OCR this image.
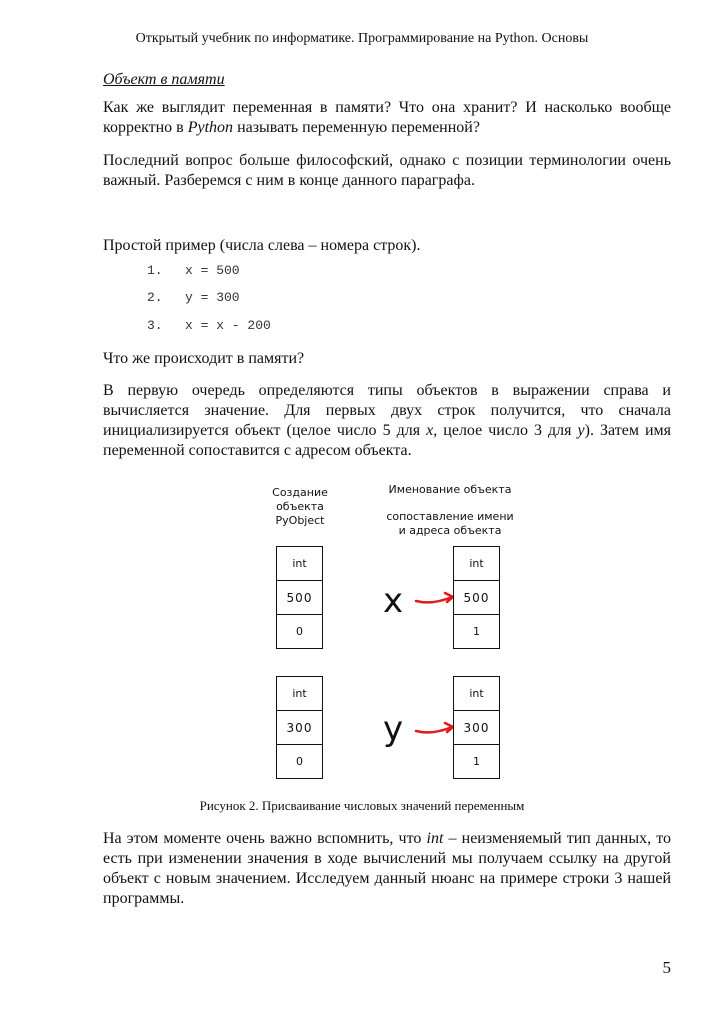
Открытый учебник по информатике. Программирование на Python. Основы
Объект в памяти
Как же выглядит переменная в памяти? Что она хранит? И насколько вообще корректно в Python называть переменную переменной?
Последний вопрос больше философский, однако с позиции терминологии очень важный. Разберемся с ним в конце данного параграфа.
Простой пример (числа слева – номера строк).
1. x = 500
2. y = 300
3. x = x - 200
Что же происходит в памяти?
В первую очередь определяются типы объектов в выражении справа и вычисляется значение. Для первых двух строк получится, что сначала инициализируется объект (целое число 5 для x, целое число 3 для y). Затем имя переменной сопоставится с адресом объекта.
Создание
объекта
PyObject
Именование объекта
сопоставление имени
и адреса объекта
int
500
0
x
int
500
1
int
300
0
y
int
300
1
Рисунок 2. Присваивание числовых значений переменным
На этом моменте очень важно вспомнить, что int – неизменяемый тип данных, то есть при изменении значения в ходе вычислений мы получаем ссылку на другой объект с новым значением. Исследуем данный нюанс на примере строки 3 нашей программы.
5
